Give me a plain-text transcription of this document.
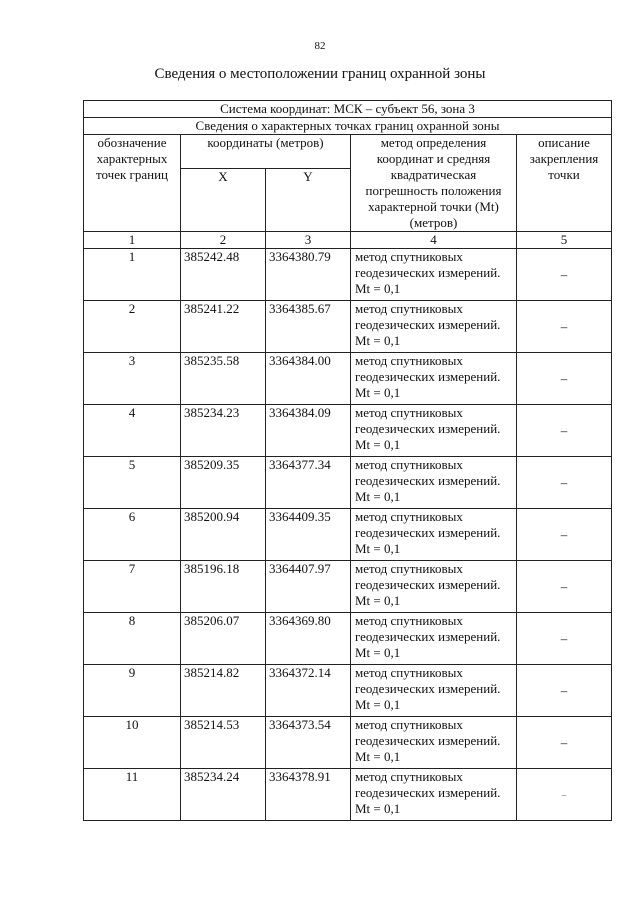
82
Сведения о местоположении границ охранной зоны
Система координат: МСК – субъект 56, зона 3				
Сведения о характерных точках границ охранной зоны				
обозначение характерных точек границ	координаты (метров)		метод определения координат и средняя квадратическая погрешность положения характерной точки (Mt) (метров)	описание закрепления точки
	X	Y		
1	2	3	4	5
1	385242.48	3364380.79	метод спутниковых геодезических измерений. Mt = 0,1	–
2	385241.22	3364385.67	метод спутниковых геодезических измерений. Mt = 0,1	–
3	385235.58	3364384.00	метод спутниковых геодезических измерений. Mt = 0,1	–
4	385234.23	3364384.09	метод спутниковых геодезических измерений. Mt = 0,1	–
5	385209.35	3364377.34	метод спутниковых геодезических измерений. Mt = 0,1	–
6	385200.94	3364409.35	метод спутниковых геодезических измерений. Mt = 0,1	–
7	385196.18	3364407.97	метод спутниковых геодезических измерений. Mt = 0,1	–
8	385206.07	3364369.80	метод спутниковых геодезических измерений. Mt = 0,1	–
9	385214.82	3364372.14	метод спутниковых геодезических измерений. Mt = 0,1	–
10	385214.53	3364373.54	метод спутниковых геодезических измерений. Mt = 0,1	–
11	385234.24	3364378.91	метод спутниковых геодезических измерений. Mt = 0,1	–
